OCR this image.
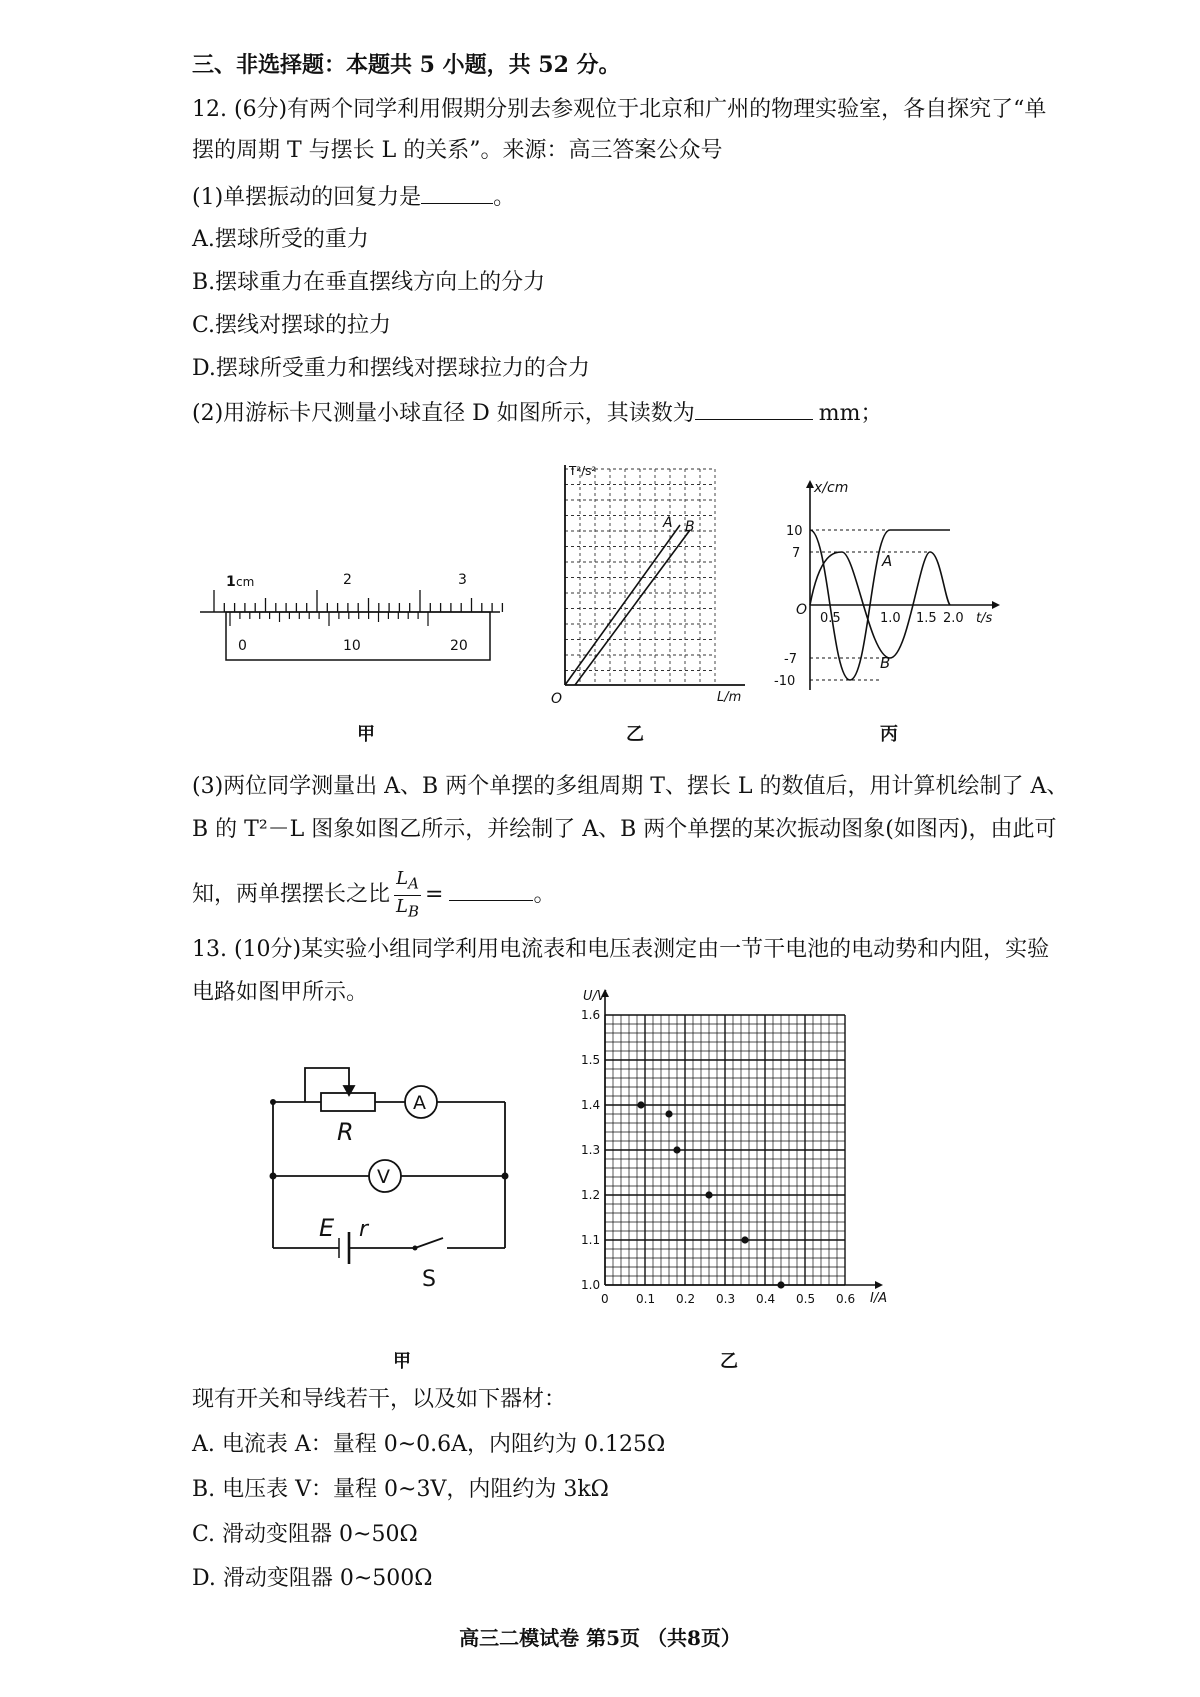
三、非选择题：本题共 5 小题，共 52 分。
12. (6分)有两个同学利用假期分别去参观位于北京和广州的物理实验室，各自探究了“单
摆的周期 T 与摆长 L 的关系”。来源：高三答案公众号
(1)单摆振动的回复力是	。
A.摆球所受的重力
B.摆球重力在垂直摆线方向上的分力
C.摆线对摆球的拉力
D.摆球所受重力和摆线对摆球拉力的合力
(2)用游标卡尺测量小球直径 D 如图所示，其读数为	mm；
1 cm	2	3
0	10	20
甲
A B
T²/s²
L/m
O
乙
x/cm
t/s
O
10
7
-7
-10
0.5	1.0 1.5 2.0
A
B
丙
(3)两位同学测量出 A、B 两个单摆的多组周期 T、摆长 L 的数值后，用计算机绘制了 A、
B 的 T²－L 图象如图乙所示，并绘制了 A、B 两个单摆的某次振动图象(如图丙)，由此可
知，两单摆摆长之比 $\frac{L_A}{L_B}$ =	。
13. (10分)某实验小组同学利用电流表和电压表测定由一节干电池的电动势和内阻，实验
电路如图甲所示。
R
A
V
E r
S
甲
0 0.1 0.2 0.3 0.4 0.5 0.6
1.0
1.1
1.2
1.3
1.4
1.5
1.6
U/V
I/A
乙
现有开关和导线若干，以及如下器材：
A. 电流表 A：量程 0~0.6A，内阻约为 0.125Ω
B. 电压表 V：量程 0~3V，内阻约为 3kΩ
C. 滑动变阻器 0~50Ω
D. 滑动变阻器 0~500Ω
高三二模试卷 第5页 （共8页）
